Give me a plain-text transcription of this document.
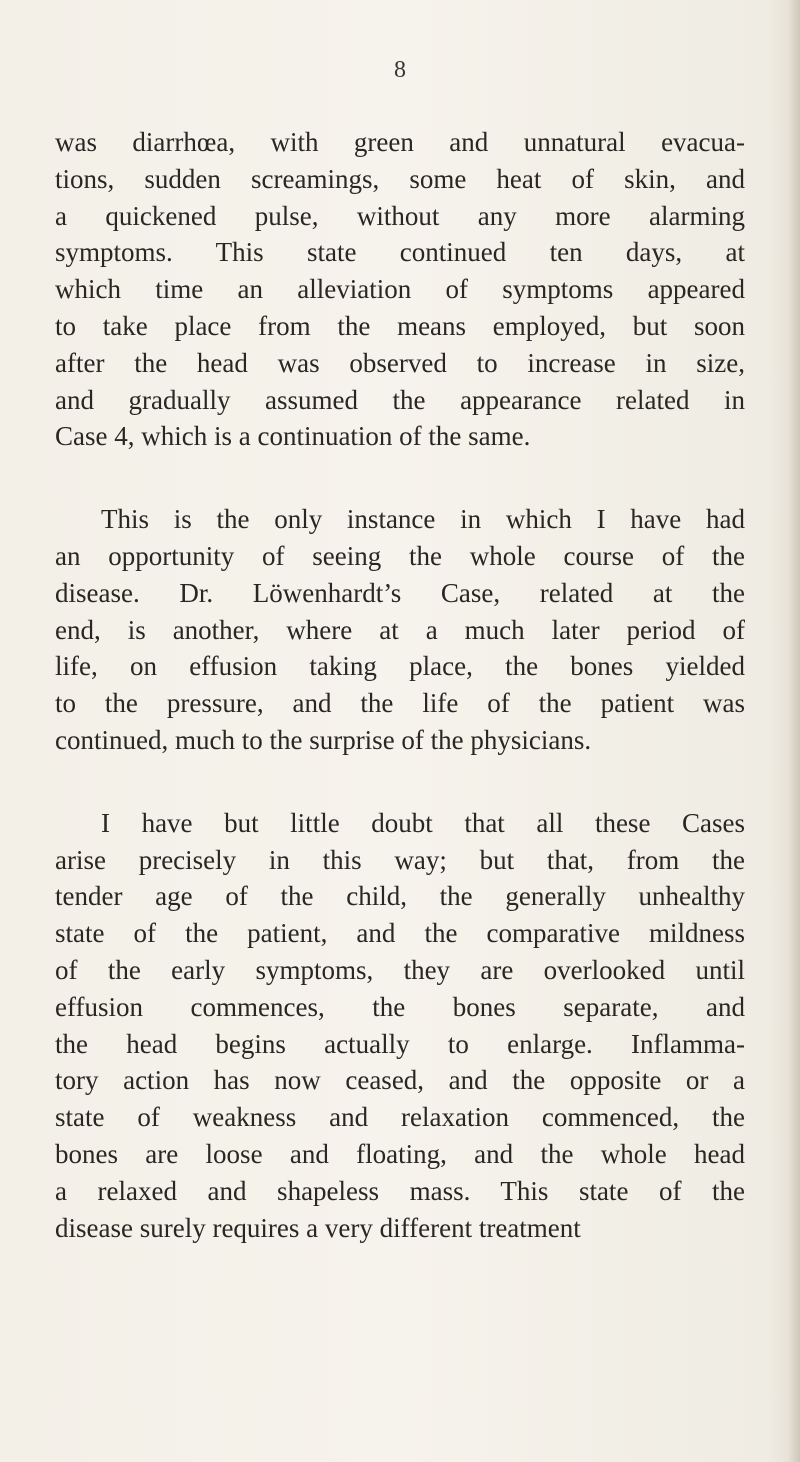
8
was diarrhœa, with green and unnatural evacua-
tions, sudden screamings, some heat of skin, and
a quickened pulse, without any more alarming
symptoms. This state continued ten days, at
which time an alleviation of symptoms appeared
to take place from the means employed, but soon
after the head was observed to increase in size,
and gradually assumed the appearance related in
Case 4, which is a continuation of the same.
This is the only instance in which I have had
an opportunity of seeing the whole course of the
disease. Dr. Löwenhardt’s Case, related at the
end, is another, where at a much later period of
life, on effusion taking place, the bones yielded
to the pressure, and the life of the patient was
continued, much to the surprise of the physicians.
I have but little doubt that all these Cases
arise precisely in this way; but that, from the
tender age of the child, the generally unhealthy
state of the patient, and the comparative mildness
of the early symptoms, they are overlooked until
effusion commences, the bones separate, and
the head begins actually to enlarge. Inflamma-
tory action has now ceased, and the opposite or a
state of weakness and relaxation commenced, the
bones are loose and floating, and the whole head
a relaxed and shapeless mass. This state of the
disease surely requires a very different treatment
